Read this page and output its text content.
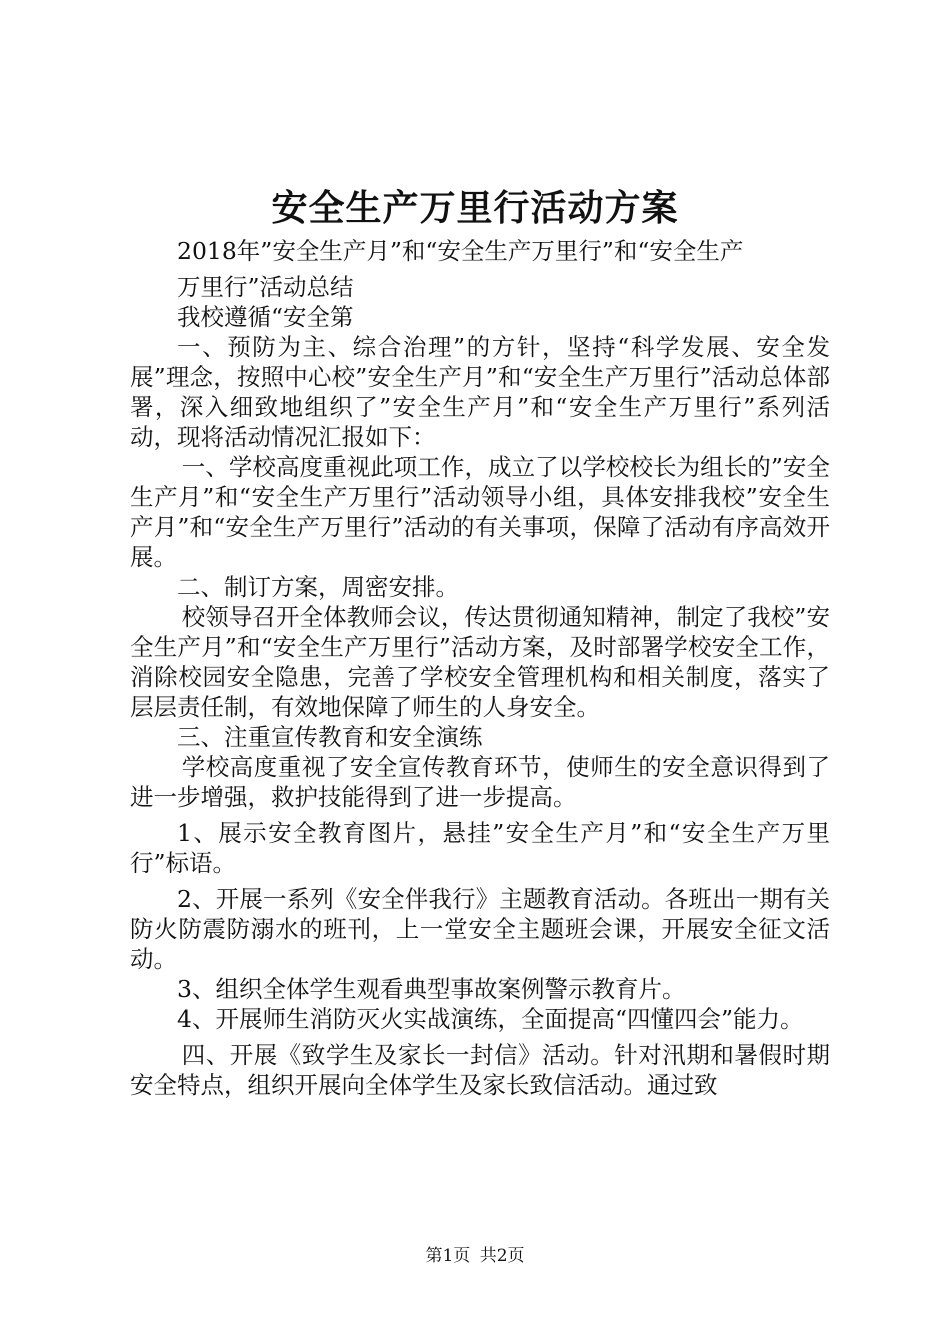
安全生产万里行活动方案

2018年”安全生产月”和“安全生产万里行”和“安全生产

万里行”活动总结

我校遵循“安全第

一、预防为主、综合治理”的方针，坚持“科学发展、安全发展”理念，按照中心校”安全生产月”和“安全生产万里行”活动总体部署，深入细致地组织了”安全生产月”和“安全生产万里行”系列活动，现将活动情况汇报如下：

一、学校高度重视此项工作，成立了以学校校长为组长的”安全生产月”和“安全生产万里行”活动领导小组，具体安排我校”安全生产月”和“安全生产万里行”活动的有关事项，保障了活动有序高效开展。

二、制订方案，周密安排。

校领导召开全体教师会议，传达贯彻通知精神，制定了我校”安全生产月”和“安全生产万里行”活动方案，及时部署学校安全工作，消除校园安全隐患，完善了学校安全管理机构和相关制度，落实了层层责任制，有效地保障了师生的人身安全。

三、注重宣传教育和安全演练

学校高度重视了安全宣传教育环节，使师生的安全意识得到了进一步增强，救护技能得到了进一步提高。

1、展示安全教育图片，悬挂”安全生产月”和“安全生产万里行”标语。

2、开展一系列《安全伴我行》主题教育活动。各班出一期有关防火防震防溺水的班刊，上一堂安全主题班会课，开展安全征文活动。

3、组织全体学生观看典型事故案例警示教育片。

4、开展师生消防灭火实战演练，全面提高“四懂四会”能力。

四、开展《致学生及家长一封信》活动。针对汛期和暑假时期安全特点，组织开展向全体学生及家长致信活动。通过致

第1页 共2页
